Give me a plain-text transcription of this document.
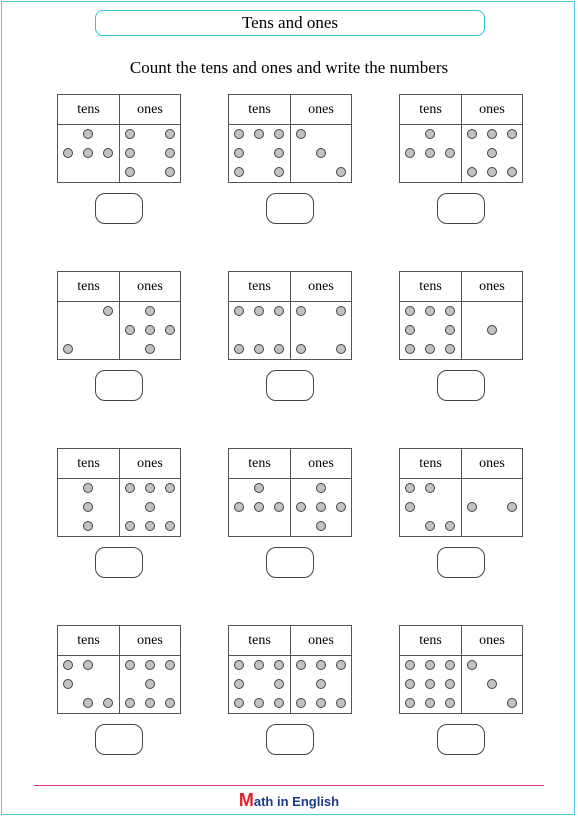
Tens and ones
Count the tens and ones and write the numbers
tens	ones	tens	ones	tens	ones
tens	ones	tens	ones	tens	ones
tens	ones	tens	ones	tens	ones
tens	ones	tens	ones	tens	ones
Math in English
